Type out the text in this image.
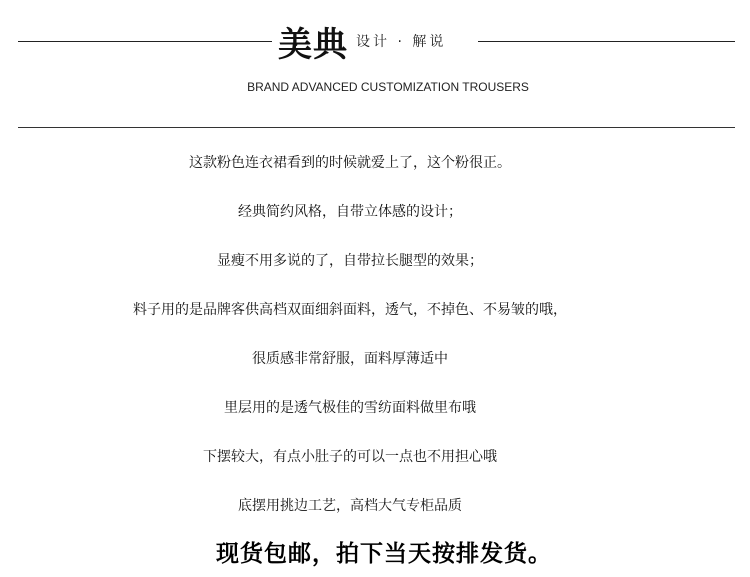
美典 设计 · 解说
BRAND ADVANCED CUSTOMIZATION TROUSERS
这款粉色连衣裙看到的时候就爱上了，这个粉很正。
经典简约风格，自带立体感的设计；
显瘦不用多说的了，自带拉长腿型的效果；
料子用的是品牌客供高档双面细斜面料，透气，不掉色、不易皱的哦，
很质感非常舒服，面料厚薄适中
里层用的是透气极佳的雪纺面料做里布哦
下摆较大，有点小肚子的可以一点也不用担心哦
底摆用挑边工艺，高档大气专柜品质
现货包邮，拍下当天按排发货。
